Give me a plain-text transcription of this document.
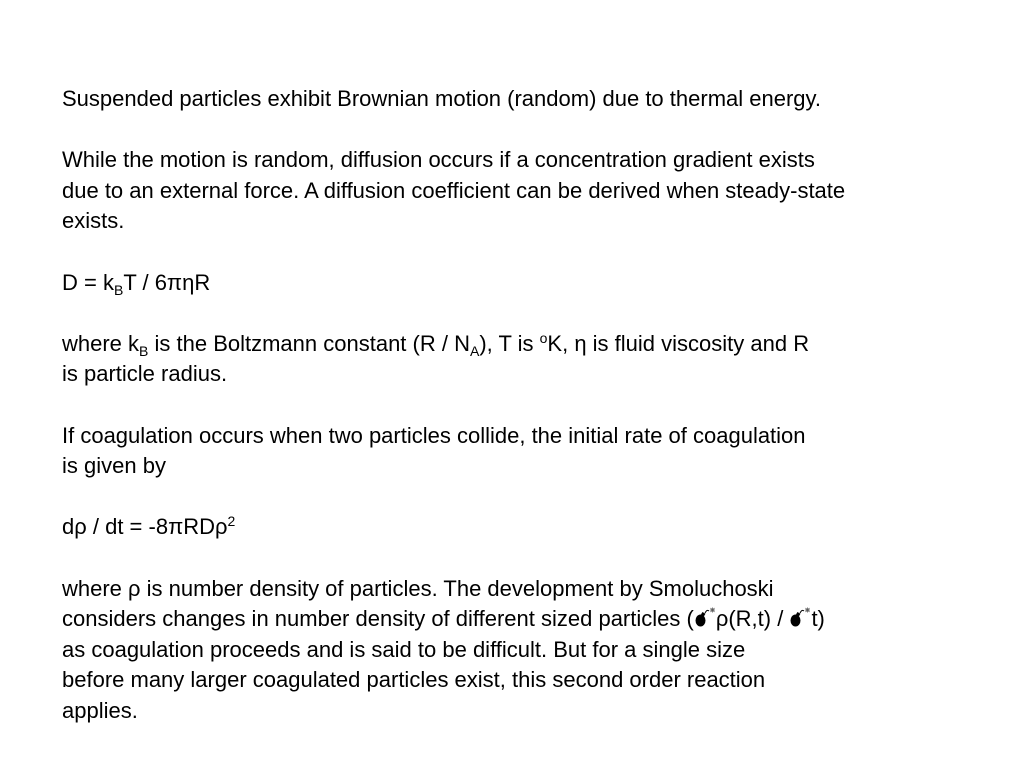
Suspended particles exhibit Brownian motion (random) due to thermal energy.
While the motion is random, diffusion occurs if a concentration gradient exists
due to an external force. A diffusion coefficient can be derived when steady-state
exists.
$D = k_BT / 6\pi\eta R$
where $k_B$ is the Boltzmann constant $(R / N_A)$, T is $^o$K, η is fluid viscosity and R
is particle radius.
If coagulation occurs when two particles collide, the initial rate of coagulation
is given by
dρ / dt = -8πRDρ$^2$
where ρ is number density of particles. The development by Smoluchoski
considers changes in number density of different sized particles ( ρ(R,t) /
t)
as coagulation proceeds and is said to be difficult. But for a single size
before many larger coagulated particles exist, this second order reaction
applies.
